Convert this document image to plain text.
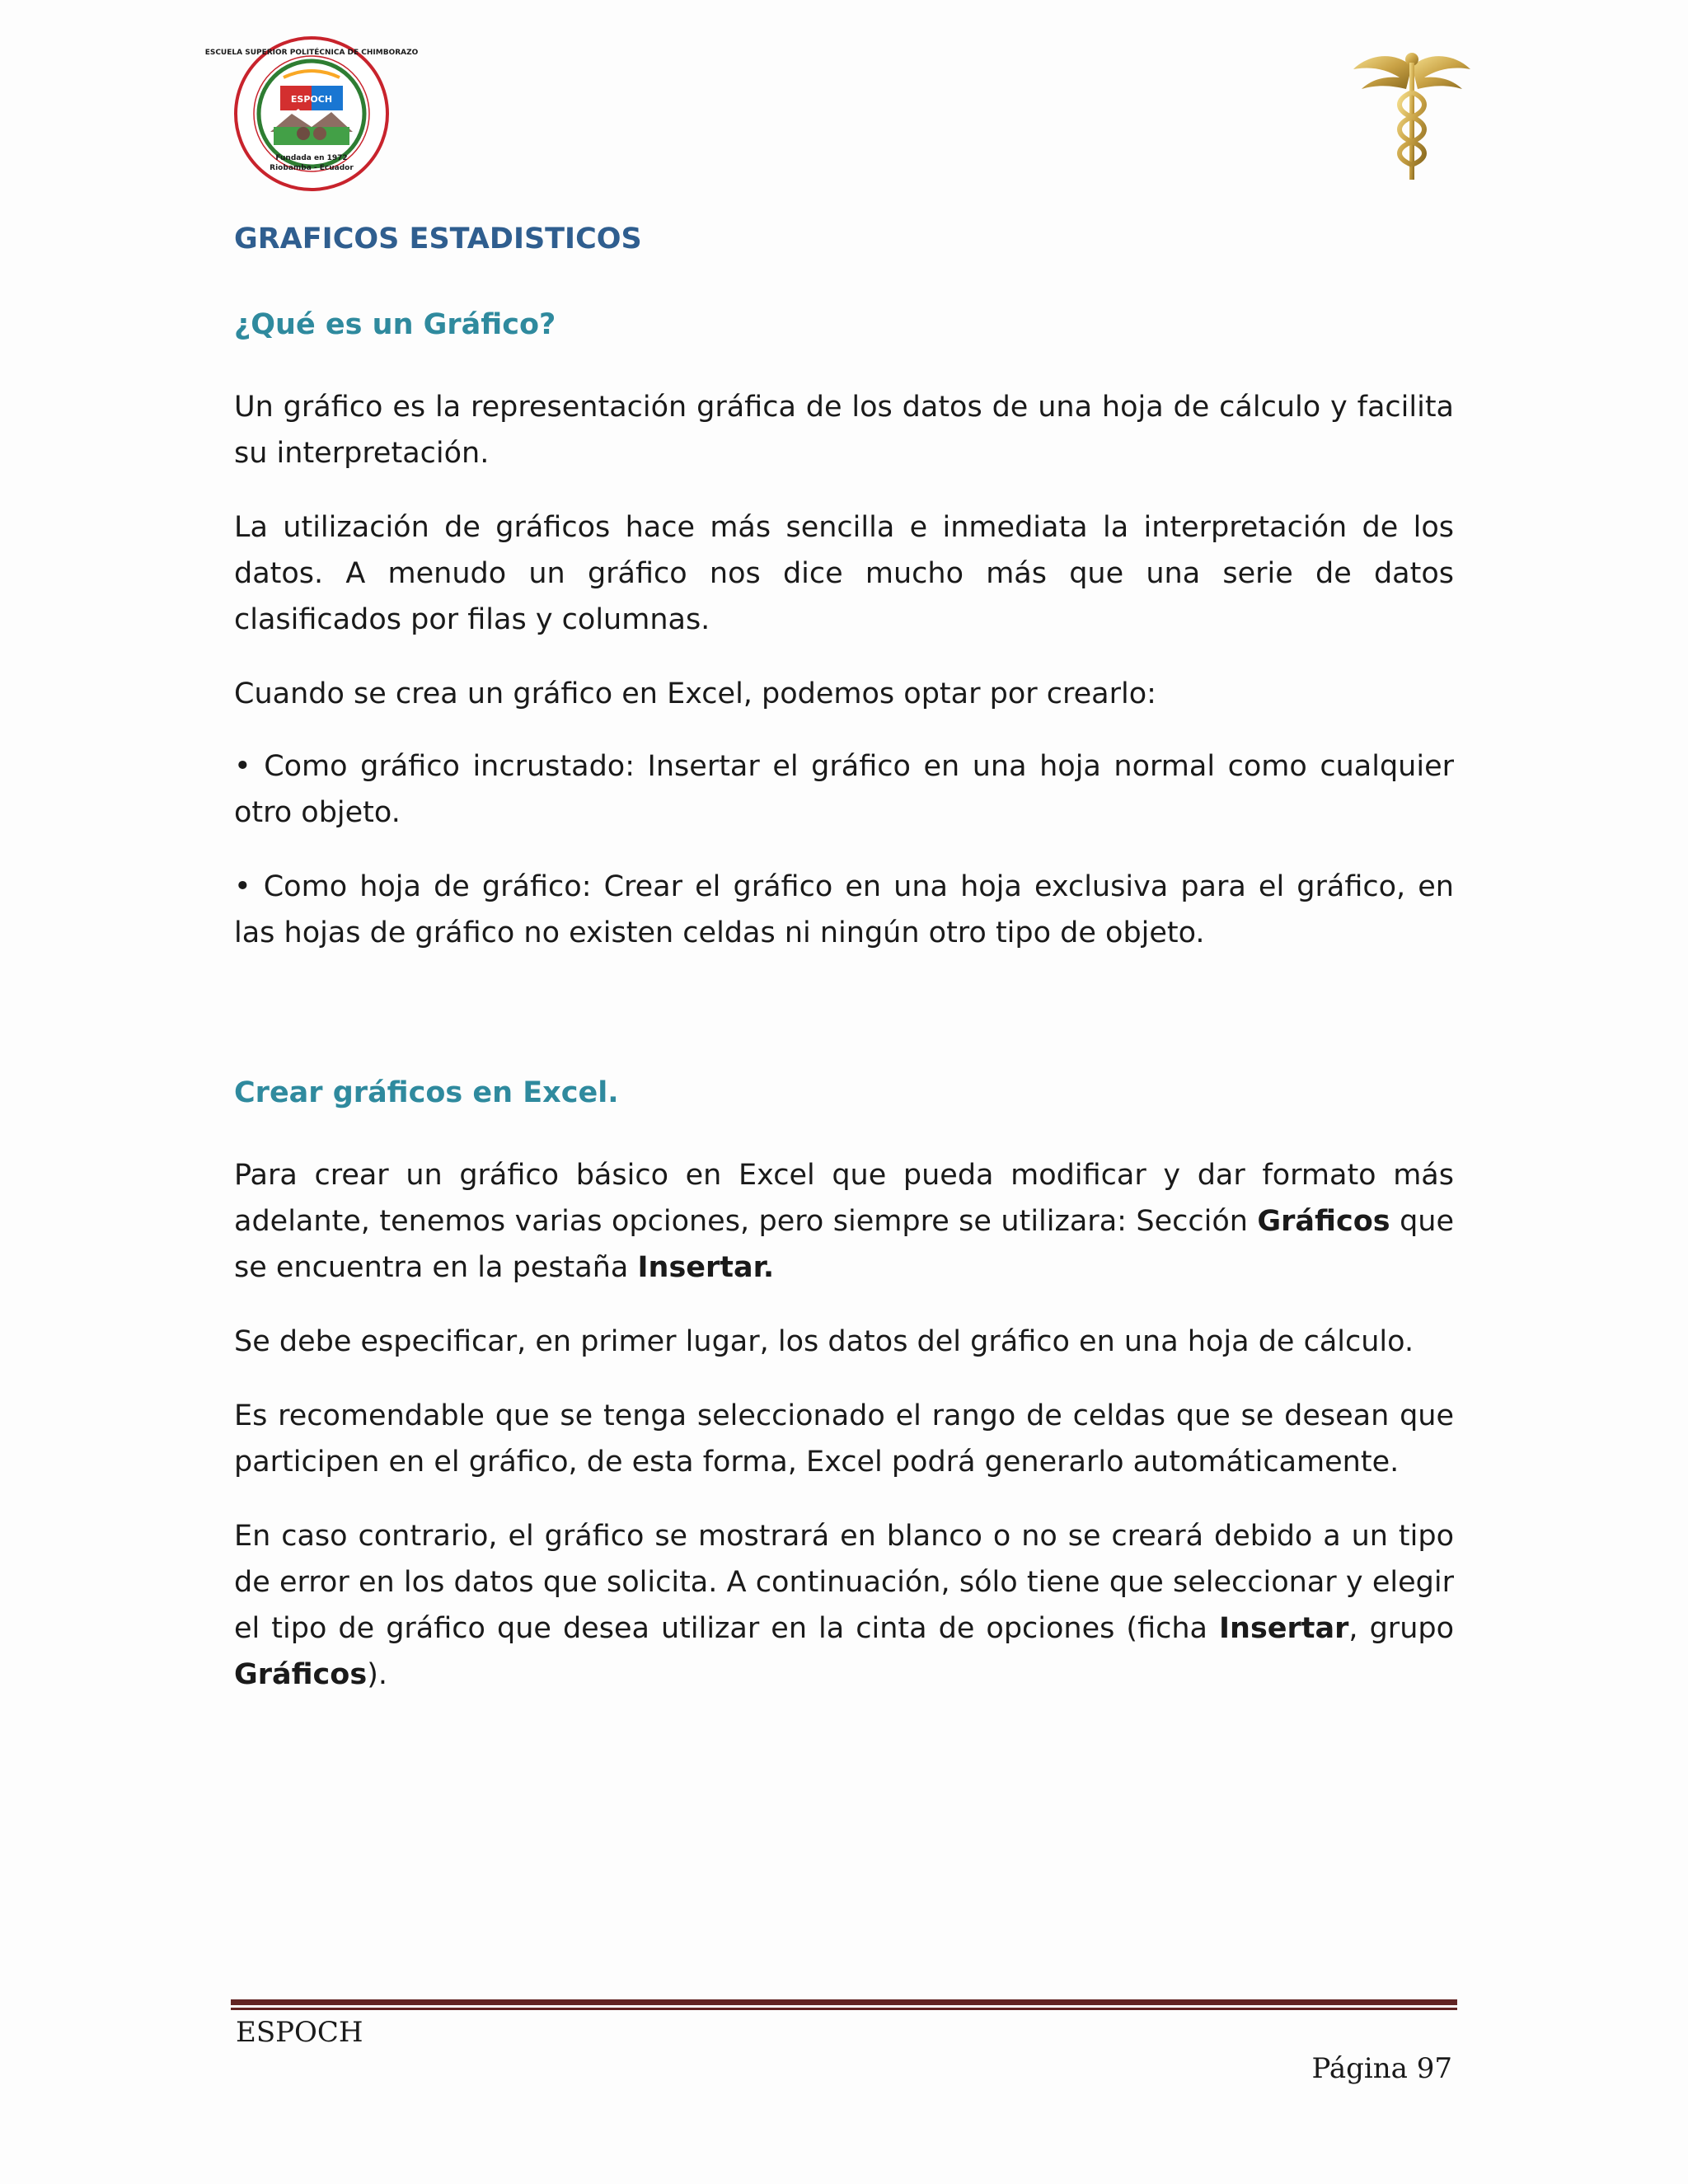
ESCUELA SUPERIOR POLITÉCNICA DE CHIMBORAZO
Fundada en 1972
Riobamba - Ecuador
ESPOCH
GRAFICOS ESTADISTICOS
¿Qué es un Gráfico?

Un gráfico es la representación gráfica de los datos de una hoja de cálculo y facilita su interpretación.

La utilización de gráficos hace más sencilla e inmediata la interpretación de los datos. A menudo un gráfico nos dice mucho más que una serie de datos clasificados por filas y columnas.

Cuando se crea un gráfico en Excel, podemos optar por crearlo:

• Como gráfico incrustado: Insertar el gráfico en una hoja normal como cualquier otro objeto.

• Como hoja de gráfico: Crear el gráfico en una hoja exclusiva para el gráfico, en las hojas de gráfico no existen celdas ni ningún otro tipo de objeto.

Crear gráficos en Excel.

Para crear un gráfico básico en Excel que pueda modificar y dar formato más adelante, tenemos varias opciones, pero siempre se utilizara: Sección Gráficos que se encuentra en la pestaña Insertar.

Se debe especificar, en primer lugar, los datos del gráfico en una hoja de cálculo.

Es recomendable que se tenga seleccionado el rango de celdas que se desean que participen en el gráfico, de esta forma, Excel podrá generarlo automáticamente.

En caso contrario, el gráfico se mostrará en blanco o no se creará debido a un tipo de error en los datos que solicita. A continuación, sólo tiene que seleccionar y elegir el tipo de gráfico que desea utilizar en la cinta de opciones (ficha Insertar, grupo Gráficos).

ESPOCH
Página 97
